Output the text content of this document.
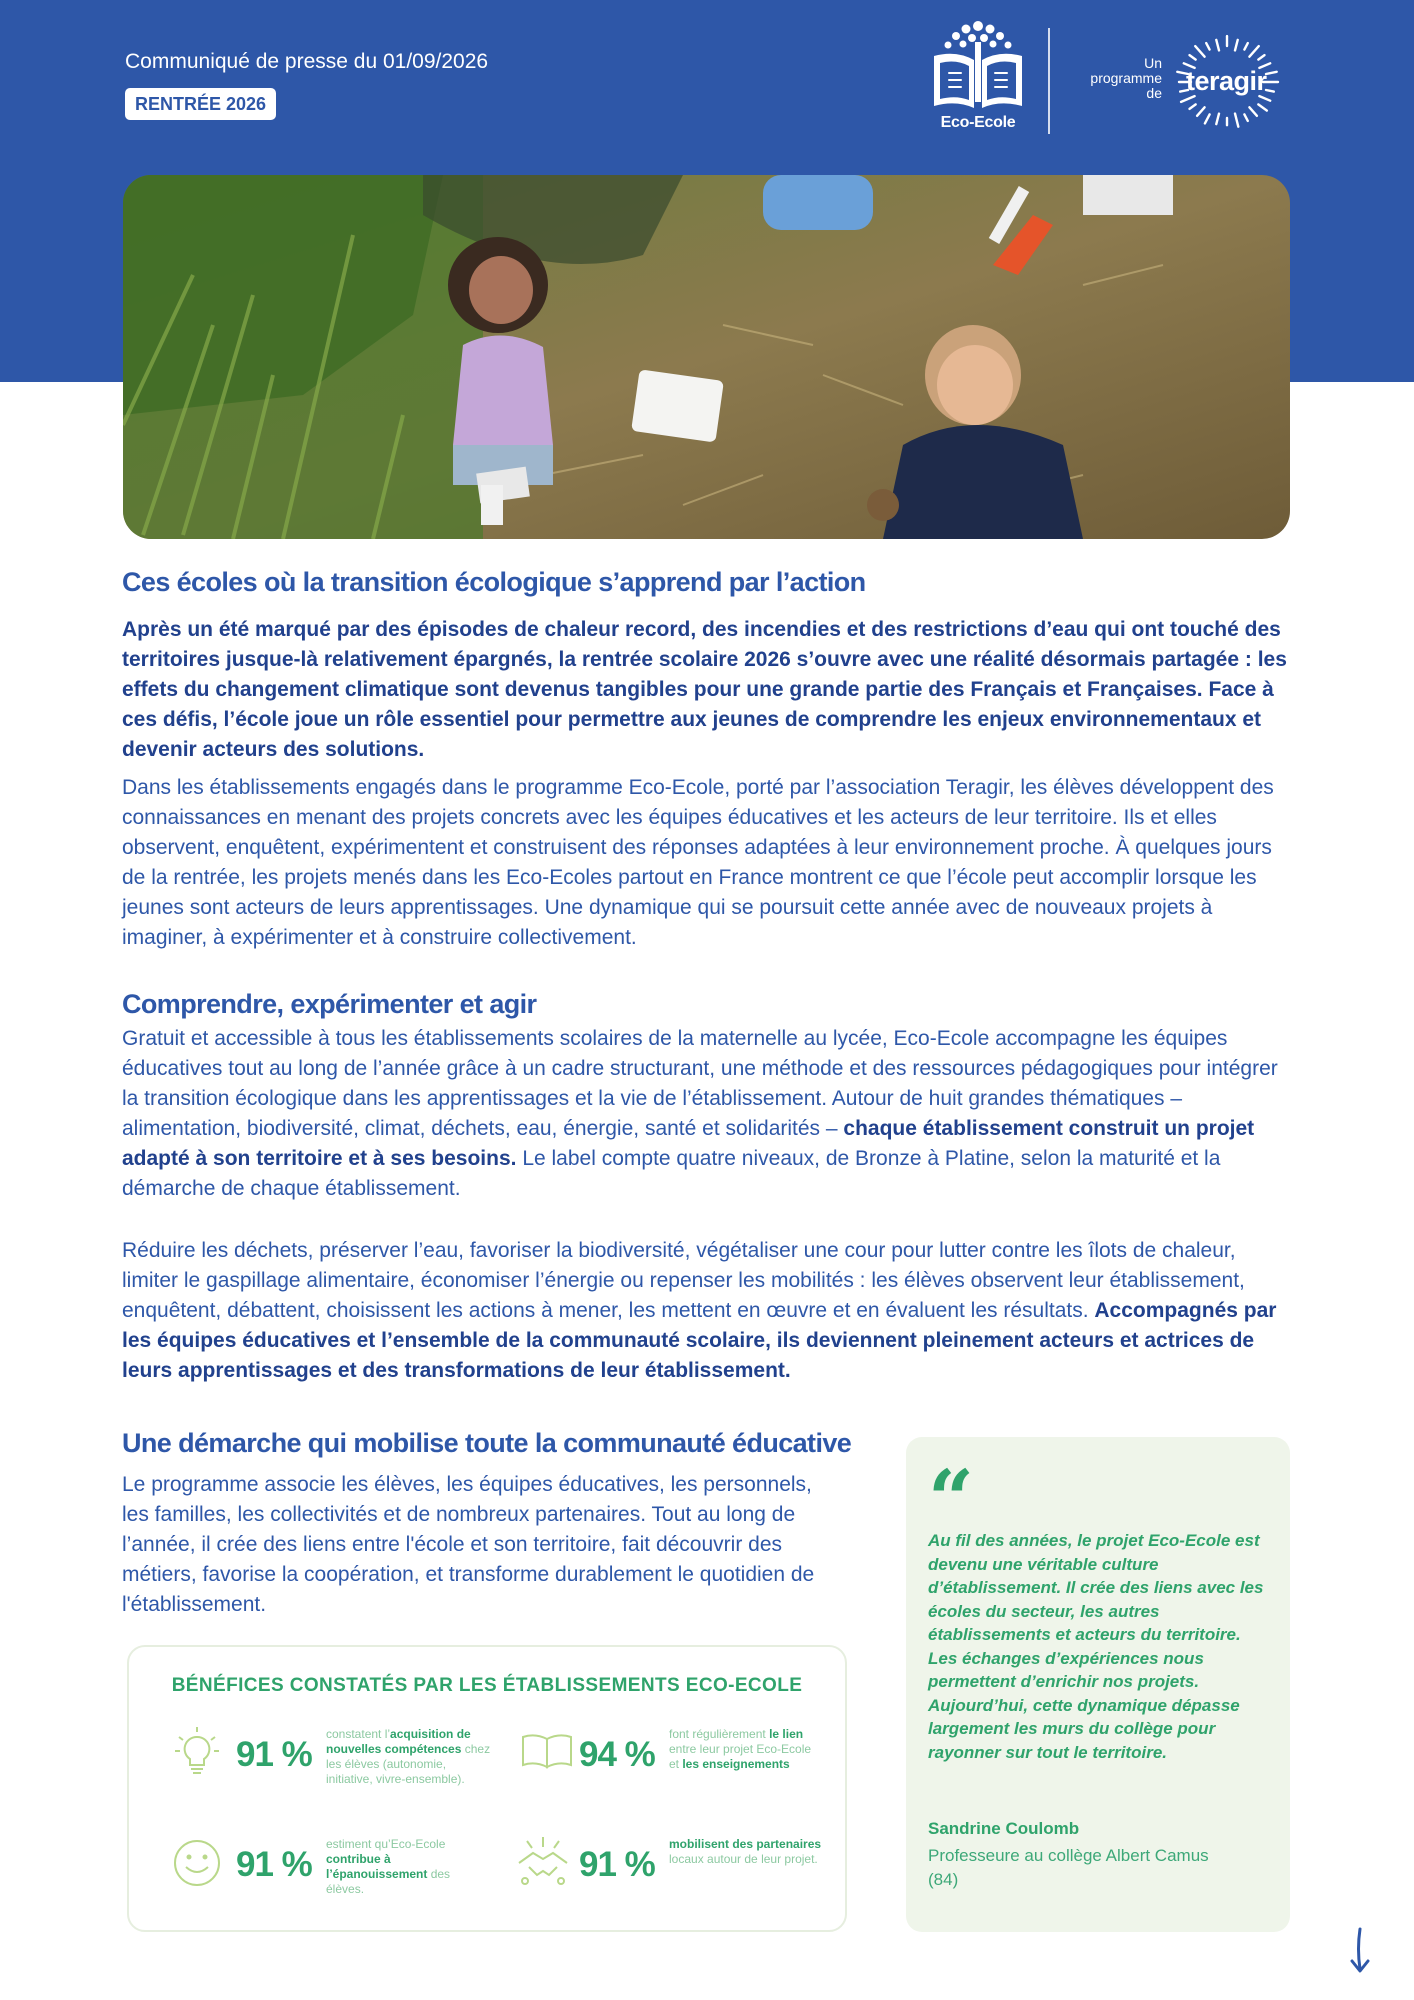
Communiqué de presse du 01/09/2026
RENTRÉE 2026
Eco-Ecole
Un
programme
de teragir
Ces écoles où la transition écologique s’apprend par l’action
Après un été marqué par des épisodes de chaleur record, des incendies et des restrictions d’eau qui ont touché des territoires jusque-là relativement épargnés, la rentrée scolaire 2026 s’ouvre avec une réalité désormais partagée : les effets du changement climatique sont devenus tangibles pour une grande partie des Français et Françaises. Face à ces défis, l’école joue un rôle essentiel pour permettre aux jeunes de comprendre les enjeux environnementaux et devenir acteurs des solutions.
Dans les établissements engagés dans le programme Eco-Ecole, porté par l’association Teragir, les élèves développent des connaissances en menant des projets concrets avec les équipes éducatives et les acteurs de leur territoire. Ils et elles observent, enquêtent, expérimentent et construisent des réponses adaptées à leur environnement proche. À quelques jours de la rentrée, les projets menés dans les Eco-Ecoles partout en France montrent ce que l’école peut accomplir lorsque les jeunes sont acteurs de leurs apprentissages. Une dynamique qui se poursuit cette année avec de nouveaux projets à imaginer, à expérimenter et à construire collectivement.
Comprendre, expérimenter et agir
Gratuit et accessible à tous les établissements scolaires de la maternelle au lycée, Eco-Ecole accompagne les équipes éducatives tout au long de l’année grâce à un cadre structurant, une méthode et des ressources pédagogiques pour intégrer la transition écologique dans les apprentissages et la vie de l’établissement. Autour de huit grandes thématiques – alimentation, biodiversité, climat, déchets, eau, énergie, santé et solidarités – chaque établissement construit un projet adapté à son territoire et à ses besoins. Le label compte quatre niveaux, de Bronze à Platine, selon la maturité et la démarche de chaque établissement.
Réduire les déchets, préserver l’eau, favoriser la biodiversité, végétaliser une cour pour lutter contre les îlots de chaleur, limiter le gaspillage alimentaire, économiser l’énergie ou repenser les mobilités : les élèves observent leur établissement, enquêtent, débattent, choisissent les actions à mener, les mettent en œuvre et en évaluent les résultats. Accompagnés par les équipes éducatives et l’ensemble de la communauté scolaire, ils deviennent pleinement acteurs et actrices de leurs apprentissages et des transformations de leur établissement.
Une démarche qui mobilise toute la communauté éducative
Le programme associe les élèves, les équipes éducatives, les personnels, les familles, les collectivités et de nombreux partenaires. Tout au long de l’année, il crée des liens entre l'école et son territoire, fait découvrir des métiers, favorise la coopération, et transforme durablement le quotidien de l'établissement.
BÉNÉFICES CONSTATÉS PAR LES ÉTABLISSEMENTS ECO-ECOLE
91 %
constatent l’acquisition de nouvelles compétences chez les élèves (autonomie, initiative, vivre-ensemble).
94 %
font régulièrement le lien entre leur projet Eco-Ecole et les enseignements
91 %
estiment qu’Eco-Ecole contribue à l’épanouissement des élèves.
91 %
mobilisent des partenaires locaux autour de leur projet.
“
Au fil des années, le projet Eco-Ecole est devenu une véritable culture d’établissement. Il crée des liens avec les écoles du secteur, les autres établissements et acteurs du territoire. Les échanges d’expériences nous permettent d’enrichir nos projets. Aujourd’hui, cette dynamique dépasse largement les murs du collège pour rayonner sur tout le territoire.
Sandrine Coulomb
Professeure au collège Albert Camus (84)
